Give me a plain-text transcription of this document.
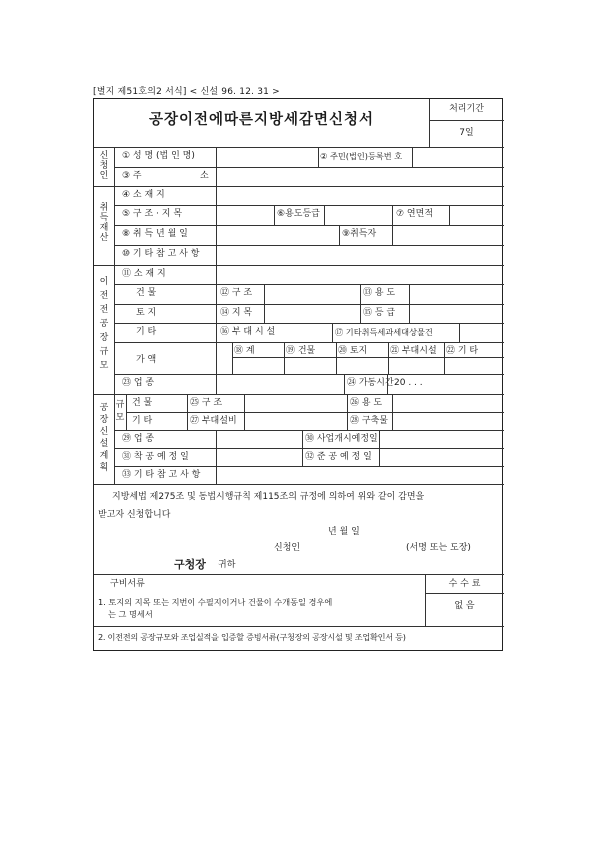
[별지 제51호의2 서식] < 신설 96. 12. 31 >
공장이전에따른지방세감면신청서
처리기간
7일
신청인
① 성 명 (법 인 명)	② 주민(법인)등록번 호
③ 주	소
취득재산
④ 소 재 지
⑤ 구 조 · 지 목	⑥용도등급	⑦ 연면적
⑧ 취 득 년 월 일	⑨취득자
⑩ 기 타 참 고 사 항
이전전공장규모
⑪ 소 재 지
건 물	⑫ 구 조	⑬ 용 도
토 지	⑭ 지 목	⑮ 등 급
기 타	⑯ 부 대 시 설	⑰ 기타취득세과세대상물건
가 액
⑱ 계	⑲ 건물	⑳ 토지	㉑ 부대시설 ㉒ 기 타
㉓ 업 종	㉔ 가동시간 20 . . .
공장신설계획
규모
건 물	㉕ 구 조	㉖ 용 도
기 타	㉗ 부대설비	㉘ 구축물
㉙ 업 종	㉚ 사업개시예정일
㉛ 착 공 예 정 일	㉜ 준 공 예 정 일
㉝ 기 타 참 고 사 항
지방세법 제275조 및 동법시행규칙 제115조의 규정에 의하여 위와 같이 감면을
받고자 신청합니다
년 월 일
신청인	(서명 또는 도장)
구청장 귀하
구비서류	수 수 료
없 음
1. 토지의 지목 또는 지번이 수필지이거나 건물이 수개동일 경우에
는 그 명세서
2. 이전전의 공장규모와 조업실적을 입증할 증빙서류(구청장의 공장시설 및 조업확인서 등)
